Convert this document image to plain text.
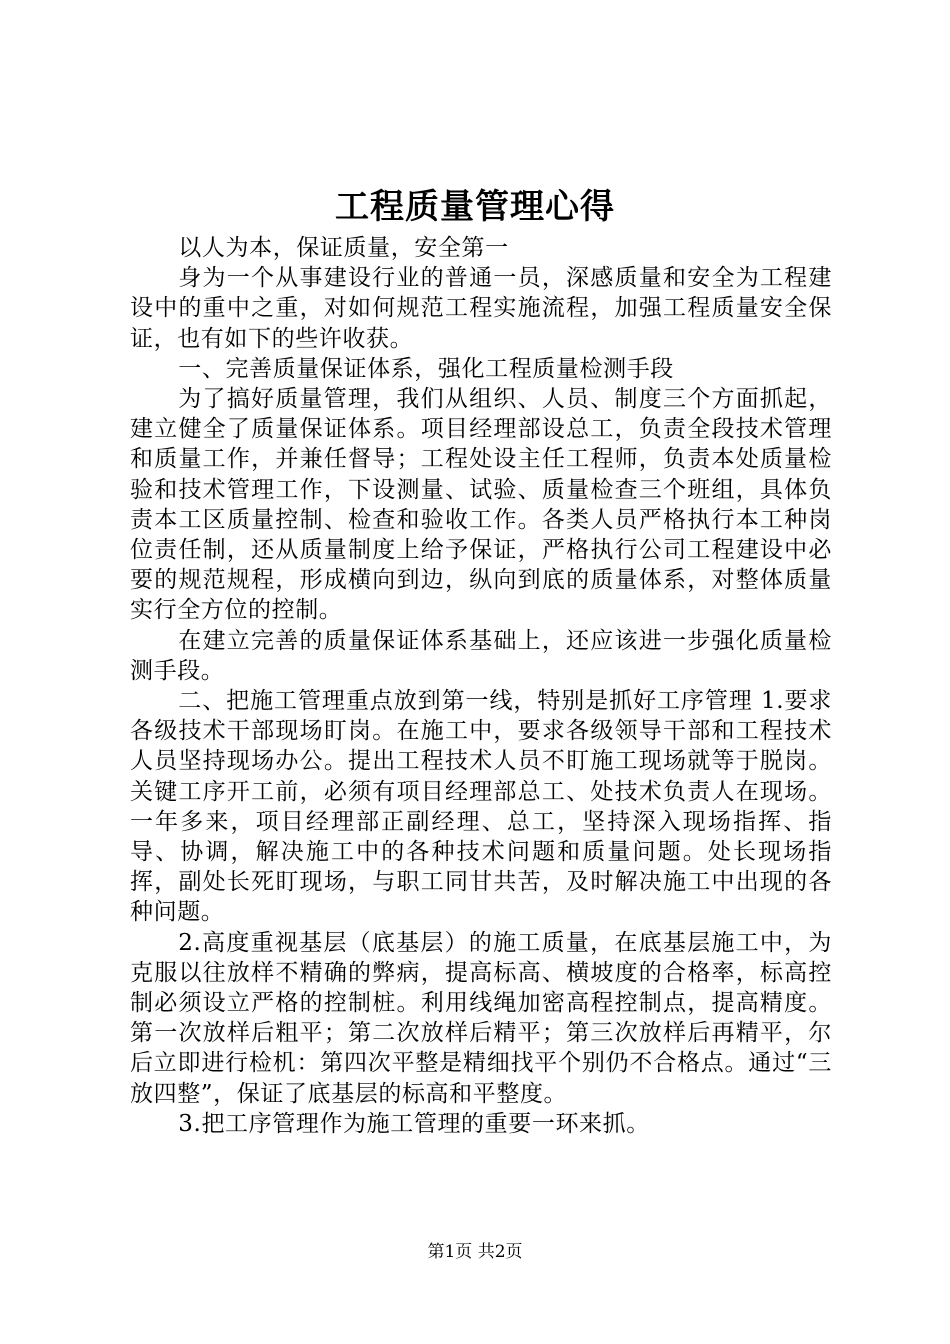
工程质量管理心得

以人为本，保证质量，安全第一

身为一个从事建设行业的普通一员，深感质量和安全为工程建设中的重中之重，对如何规范工程实施流程，加强工程质量安全保证，也有如下的些许收获。

一、完善质量保证体系，强化工程质量检测手段

为了搞好质量管理，我们从组织、人员、制度三个方面抓起，建立健全了质量保证体系。项目经理部设总工，负责全段技术管理和质量工作，并兼任督导；工程处设主任工程师，负责本处质量检验和技术管理工作，下设测量、试验、质量检查三个班组，具体负责本工区质量控制、检查和验收工作。各类人员严格执行本工种岗位责任制，还从质量制度上给予保证，严格执行公司工程建设中必要的规范规程，形成横向到边，纵向到底的质量体系，对整体质量实行全方位的控制。

在建立完善的质量保证体系基础上，还应该进一步强化质量检测手段。

二、把施工管理重点放到第一线，特别是抓好工序管理 1.要求各级技术干部现场盯岗。在施工中，要求各级领导干部和工程技术人员坚持现场办公。提出工程技术人员不盯施工现场就等于脱岗。关键工序开工前，必须有项目经理部总工、处技术负责人在现场。一年多来，项目经理部正副经理、总工，坚持深入现场指挥、指导、协调，解决施工中的各种技术问题和质量问题。处长现场指挥，副处长死盯现场，与职工同甘共苦，及时解决施工中出现的各种问题。

2.高度重视基层（底基层）的施工质量，在底基层施工中，为克服以往放样不精确的弊病，提高标高、横坡度的合格率，标高控制必须设立严格的控制桩。利用线绳加密高程控制点，提高精度。第一次放样后粗平；第二次放样后精平；第三次放样后再精平，尔后立即进行检机：第四次平整是精细找平个别仍不合格点。通过“三放四整”，保证了底基层的标高和平整度。

3.把工序管理作为施工管理的重要一环来抓。

第1页 共2页
